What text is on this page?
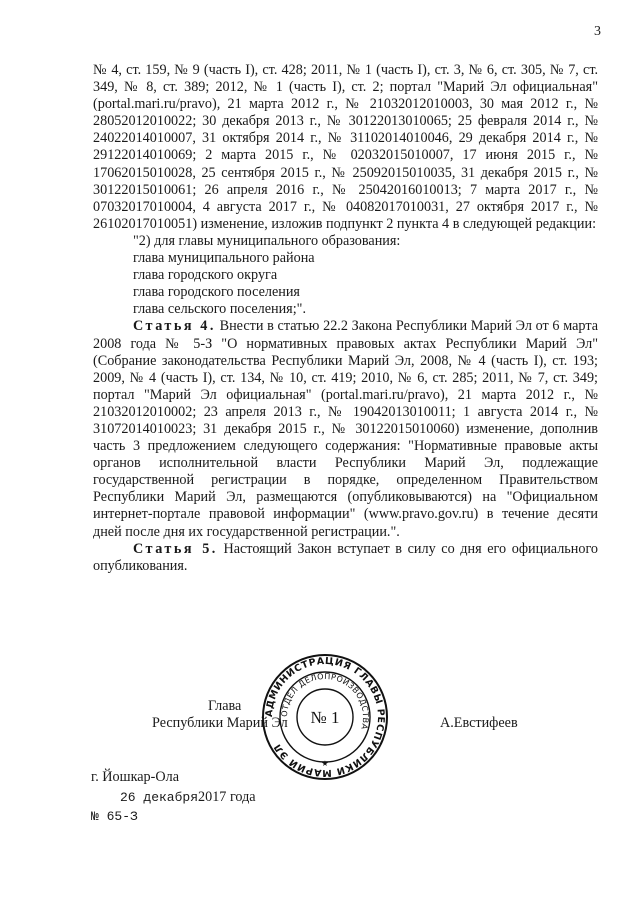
3

№ 4, ст. 159, № 9 (часть I), ст. 428; 2011, № 1 (часть I), ст. 3, № 6, ст. 305, № 7, ст. 349, № 8, ст. 389; 2012, № 1 (часть I), ст. 2; портал "Марий Эл официальная" (portal.mari.ru/pravo), 21 марта 2012 г., № 21032012010003, 30 мая 2012 г., № 28052012010022; 30 декабря 2013 г., № 30122013010065; 25 февраля 2014 г., № 24022014010007, 31 октября 2014 г., № 31102014010046, 29 декабря 2014 г., № 29122014010069; 2 марта 2015 г., № 02032015010007, 17 июня 2015 г., № 17062015010028, 25 сентября 2015 г., № 25092015010035, 31 декабря 2015 г., № 30122015010061; 26 апреля 2016 г., № 25042016010013; 7 марта 2017 г., № 07032017010004, 4 августа 2017 г., № 04082017010031, 27 октября 2017 г., № 26102017010051) изменение, изложив подпункт 2 пункта 4 в следующей редакции:

"2) для главы муниципального образования:

глава муниципального района

глава городского округа

глава городского поселения

глава сельского поселения;".

Статья 4. Внести в статью 22.2 Закона Республики Марий Эл от 6 марта 2008 года № 5-З "О нормативных правовых актах Республики Марий Эл" (Собрание законодательства Республики Марий Эл, 2008, № 4 (часть I), ст. 193; 2009, № 4 (часть I), ст. 134, № 10, ст. 419; 2010, № 6, ст. 285; 2011, № 7, ст. 349; портал "Марий Эл официальная" (portal.mari.ru/pravo), 21 марта 2012 г., № 21032012010002; 23 апреля 2013 г., № 19042013010011; 1 августа 2014 г., № 31072014010023; 31 декабря 2015 г., № 30122015010060) изменение, дополнив часть 3 предложением следующего содержания: "Нормативные правовые акты органов исполнительной власти Республики Марий Эл, подлежащие государственной регистрации в порядке, определенном Правительством Республики Марий Эл, размещаются (опубликовываются) на "Официальном интернет-портале правовой информации" (www.pravo.gov.ru) в течение десяти дней после дня их государственной регистрации.".

Статья 5. Настоящий Закон вступает в силу со дня его официального опубликования.

Глава
Республики Марий Эл	А.Евстифеев
АДМИНИСТРАЦИЯ ГЛАВЫ РЕСПУБЛИКИ МАРИЙ ЭЛ
ОТДЕЛ ДЕЛОПРОИЗВОДСТВА
№ 1
★
г. Йошкар-Ола
26 декабря2017 года
№ 65-З
